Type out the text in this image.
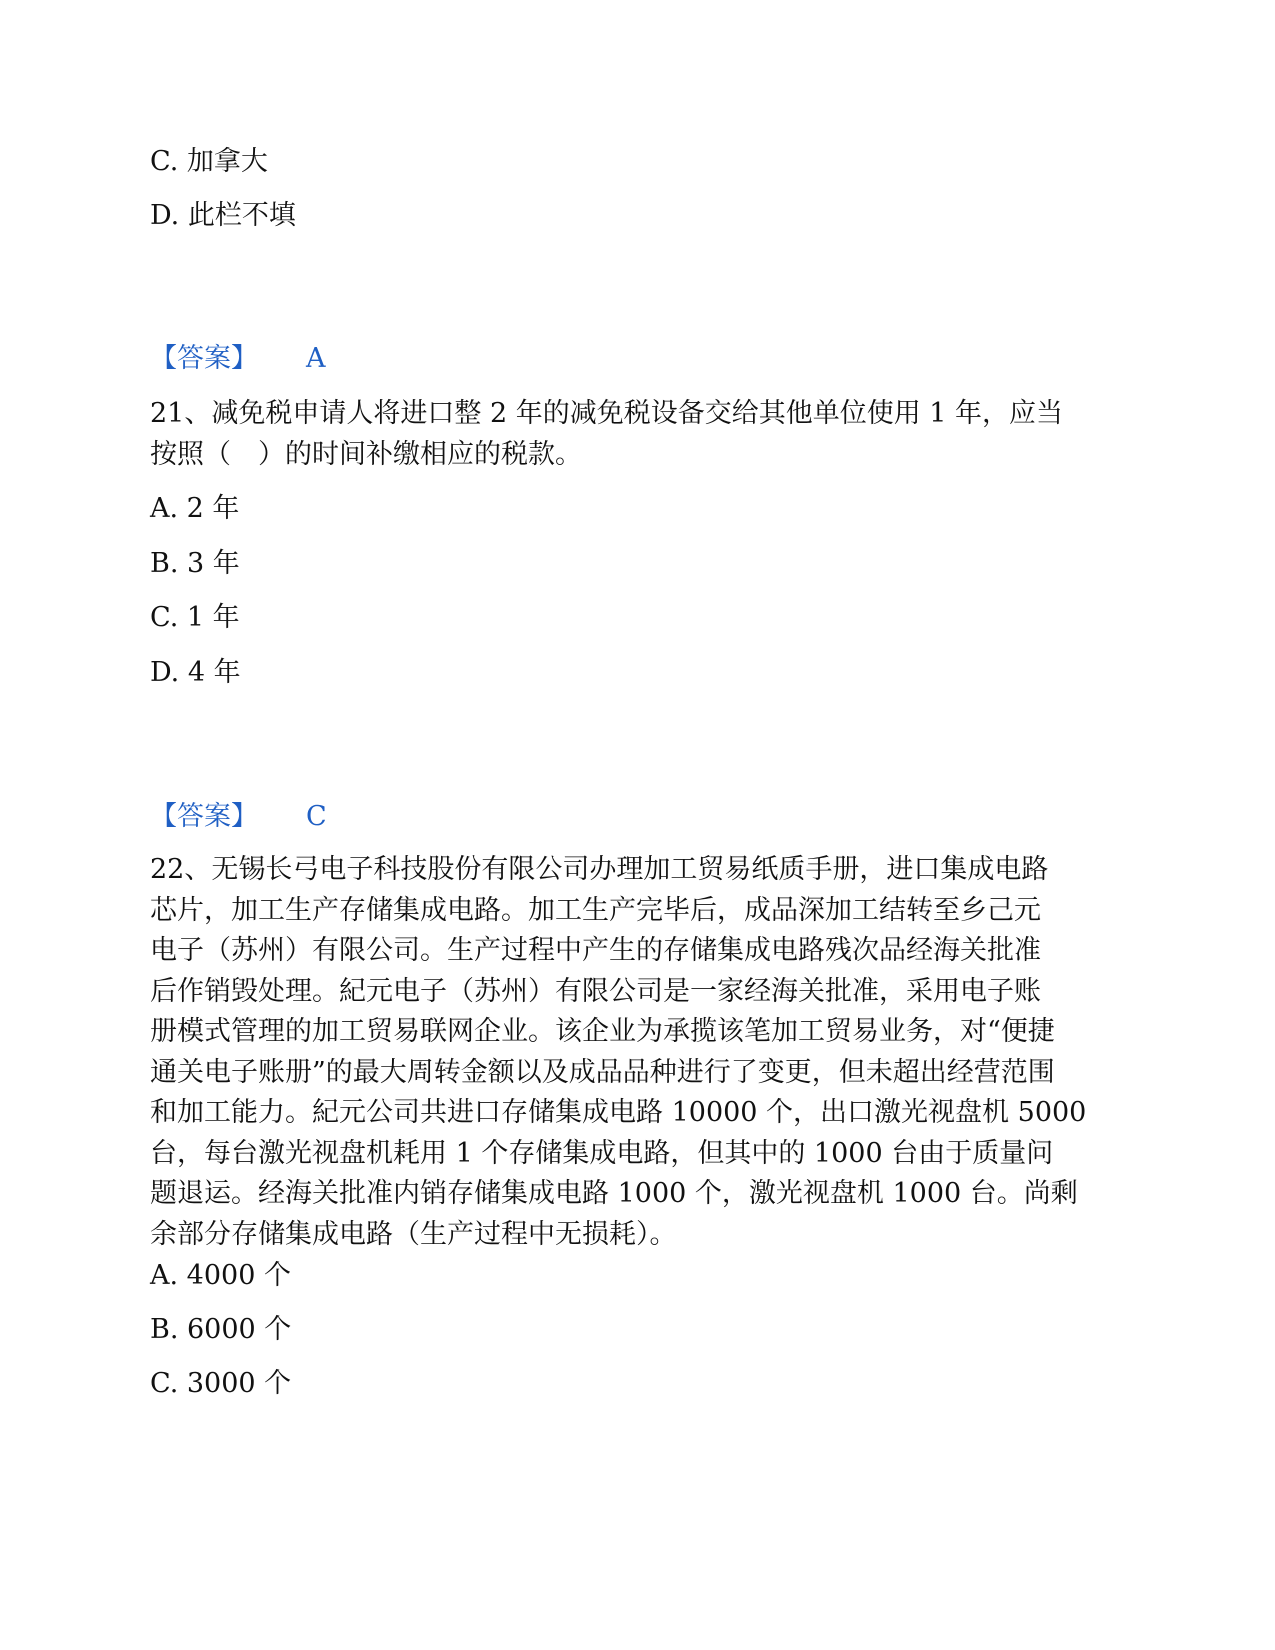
C. 加拿大
D. 此栏不填
【答案】 A
21、减免税申请人将进口整 2 年的减免税设备交给其他单位使用 1 年，应当
按照（　）的时间补缴相应的税款。
A. 2 年
B. 3 年
C. 1 年
D. 4 年
【答案】 C
22、无锡长弓电子科技股份有限公司办理加工贸易纸质手册，进口集成电路
芯片，加工生产存储集成电路。加工生产完毕后，成品深加工结转至乡己元
电子（苏州）有限公司。生产过程中产生的存储集成电路残次品经海关批准
后作销毁处理。紀元电子（苏州）有限公司是一家经海关批准，采用电子账
册模式管理的加工贸易联网企业。该企业为承揽该笔加工贸易业务，对“便捷
通关电子账册”的最大周转金额以及成品品种进行了变更，但未超出经营范围
和加工能力。紀元公司共进口存储集成电路 10000 个，出口激光视盘机 5000
台，每台激光视盘机耗用 1 个存储集成电路，但其中的 1000 台由于质量问
题退运。经海关批准内销存储集成电路 1000 个，激光视盘机 1000 台。尚剩
余部分存储集成电路（生产过程中无损耗）。
A. 4000 个
B. 6000 个
C. 3000 个
